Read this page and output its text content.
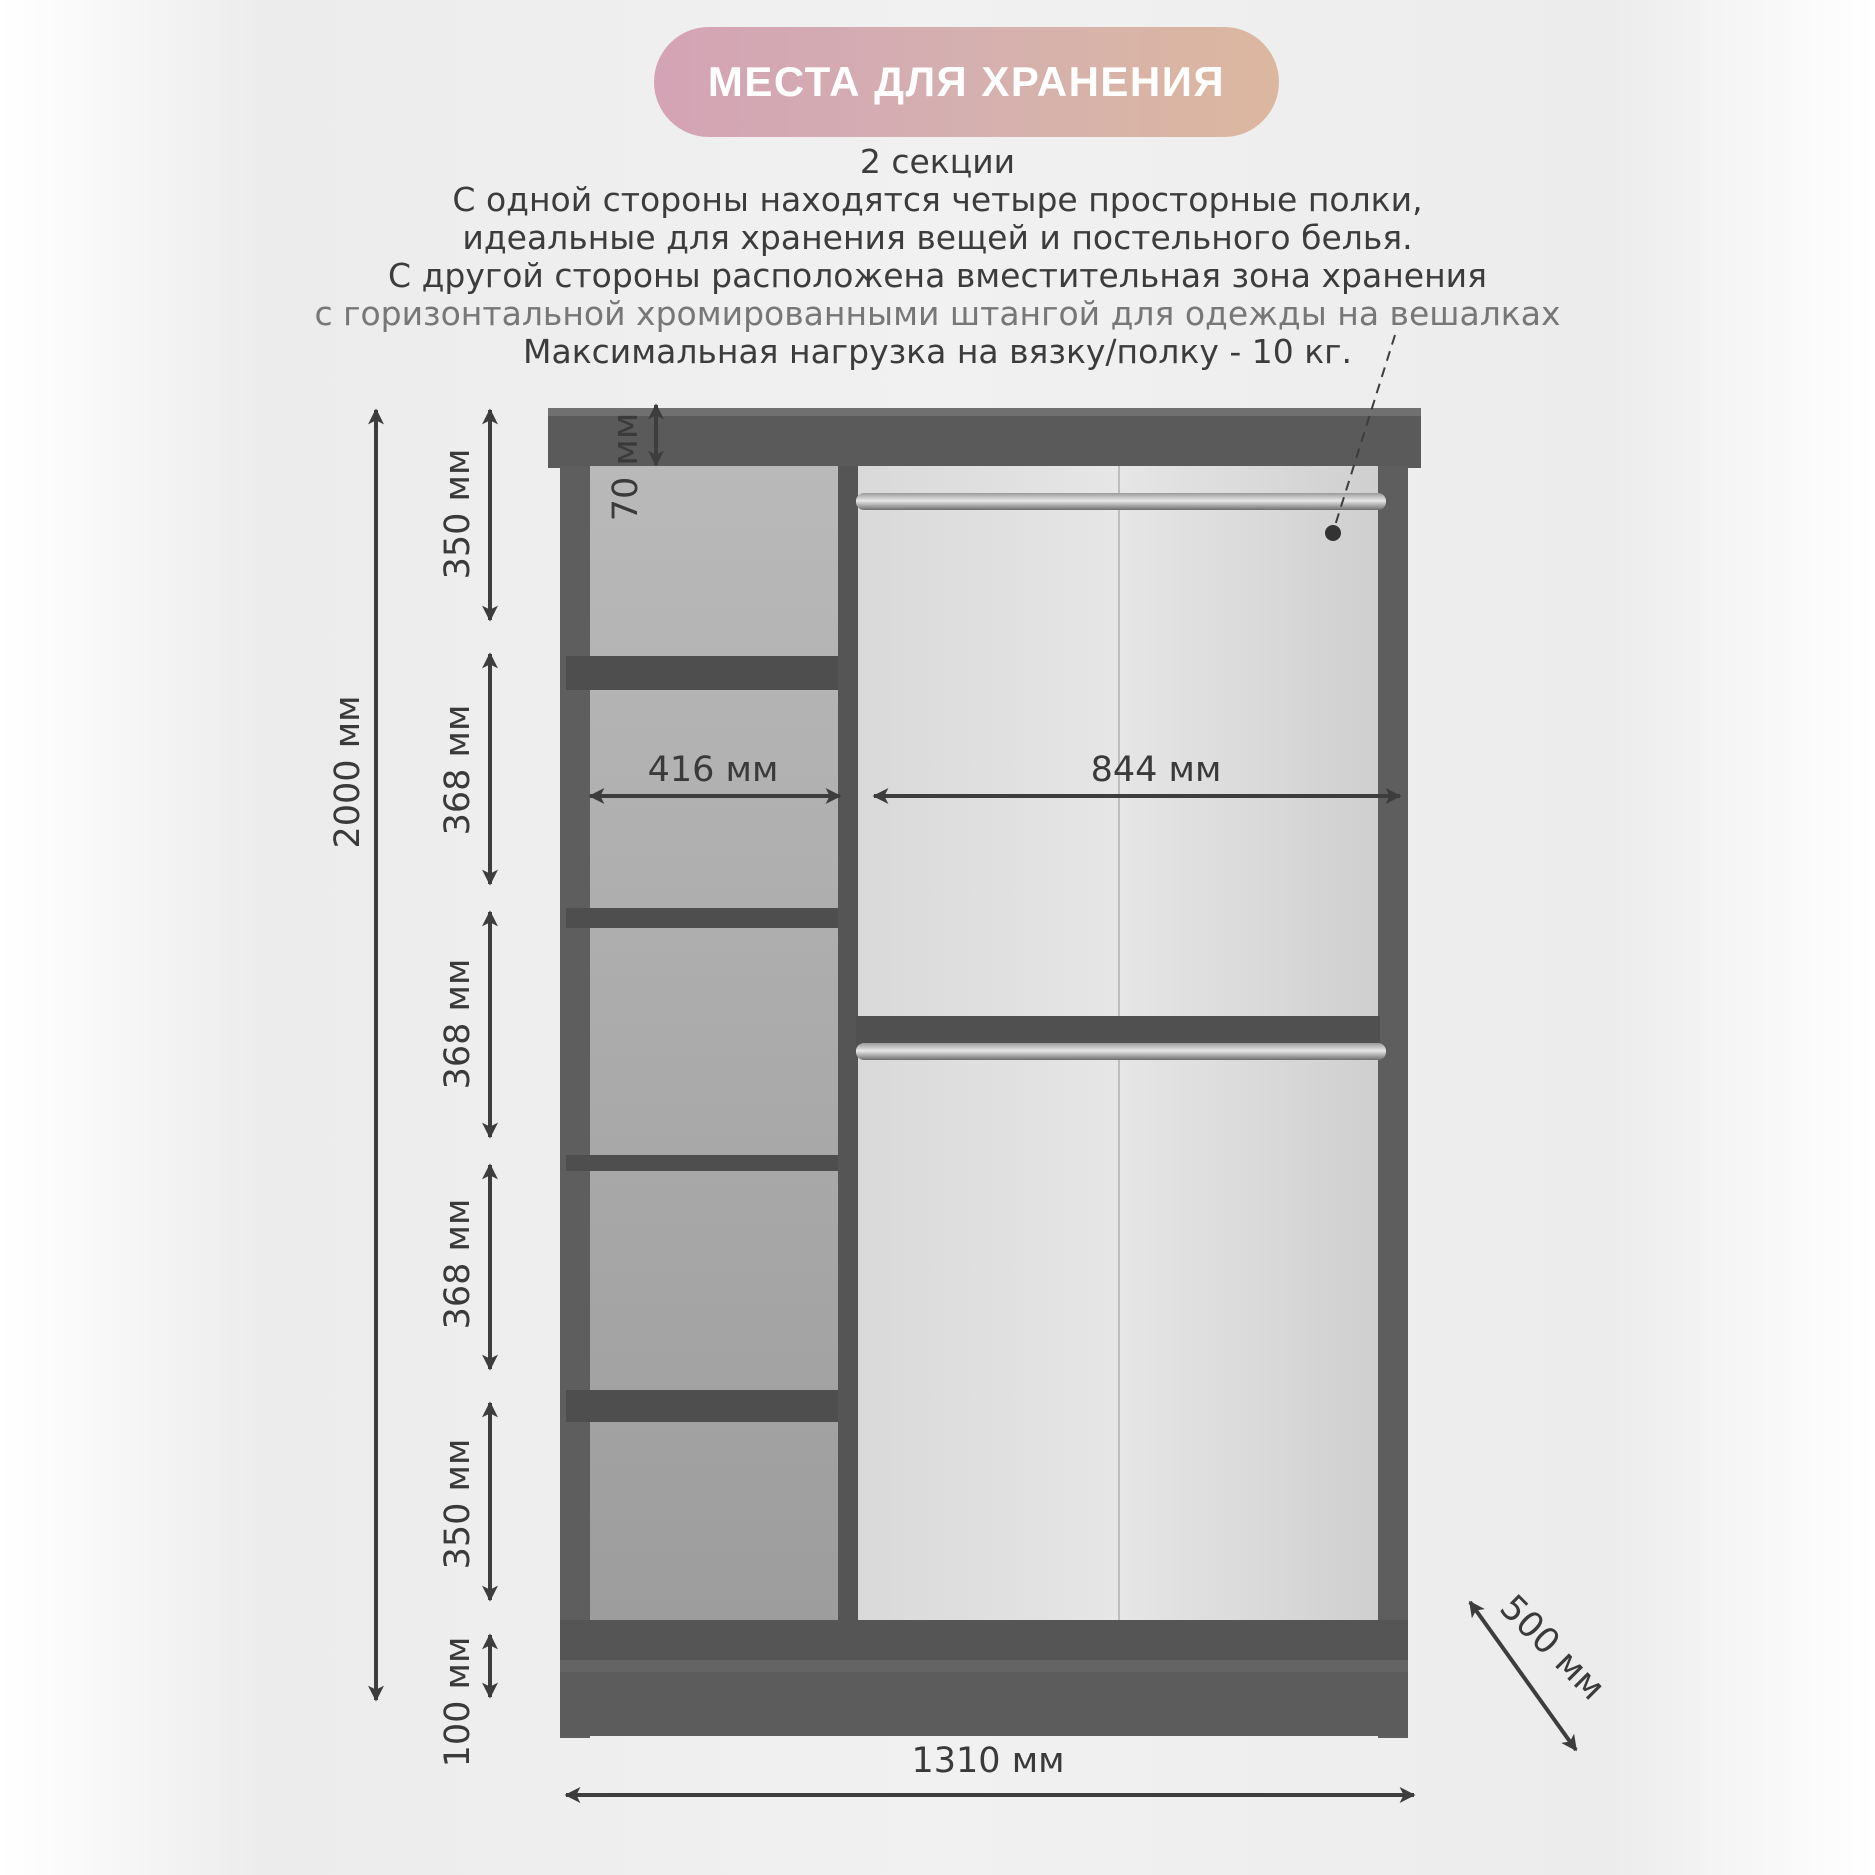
МЕСТА ДЛЯ ХРАНЕНИЯ
2 секции
С одной стороны находятся четыре просторные полки,
идеальные для хранения вещей и постельного белья.
С другой стороны расположена вместительная зона хранения
с горизонтальной хромированными штангой для одежды на вешалках
Максимальная нагрузка на вязку/полку - 10 кг.
2000 мм
350 мм	70 мм
368 мм
368 мм
368 мм
350 мм
100 мм
416 мм	844 мм
1310 мм
500 мм
